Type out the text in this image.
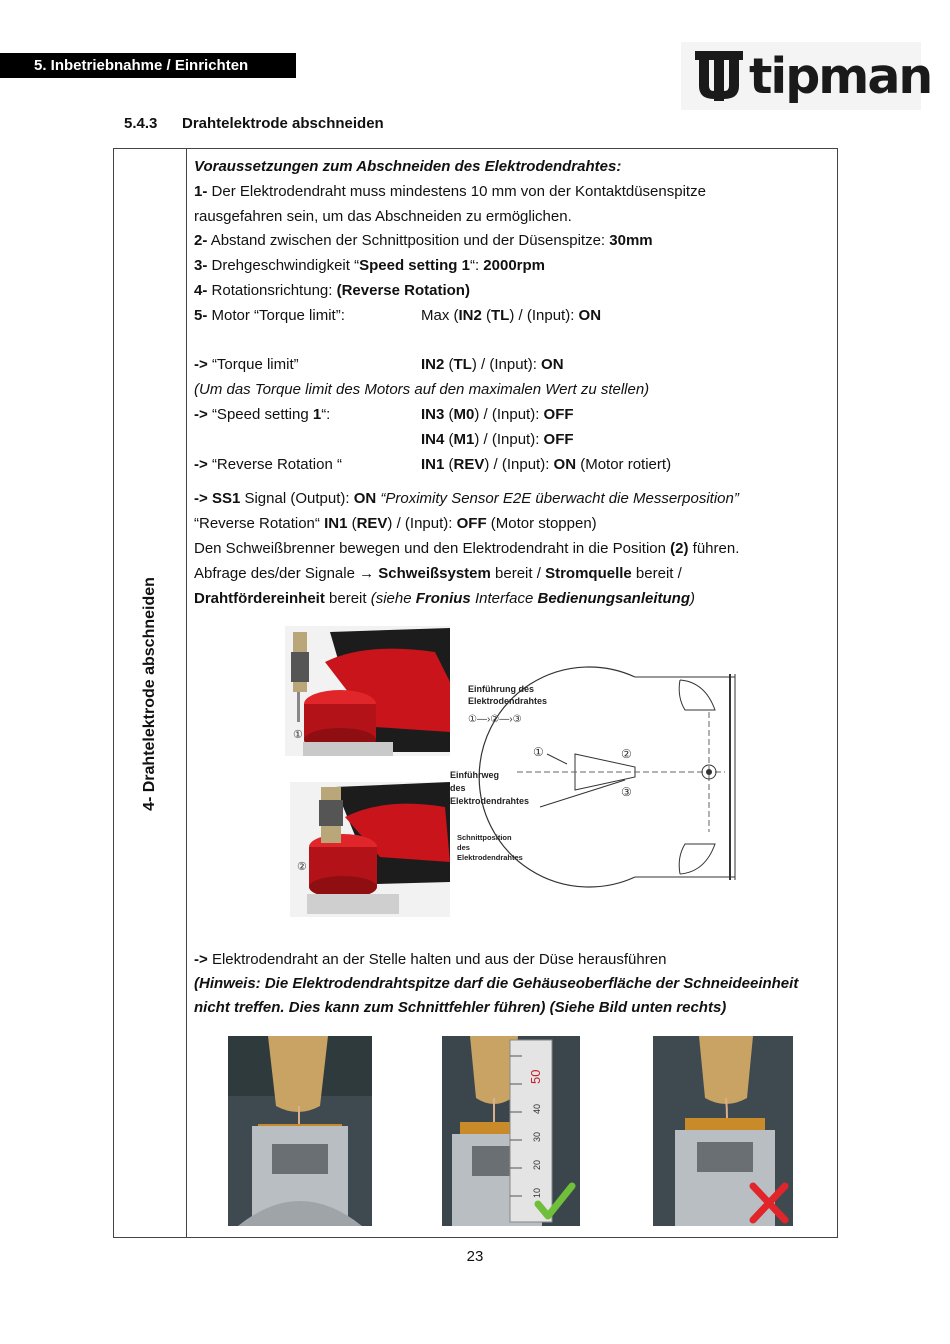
5. Inbetriebnahme / Einrichten	tipman
5.4.3 Drahtelektrode abschneiden
4- Drahtelektrode abschneiden
Voraussetzungen zum Abschneiden des Elektrodendrahtes:
1- Der Elektrodendraht muss mindestens 10 mm von der Kontaktdüsenspitze
rausgefahren sein, um das Abschneiden zu ermöglichen.
2- Abstand zwischen der Schnittposition und der Düsenspitze: 30mm
3- Drehgeschwindigkeit “Speed setting 1“: 2000rpm
4- Rotationsrichtung: (Reverse Rotation)
5- Motor “Torque limit”:	Max (IN2 (TL) / (Input): ON
-> “Torque limit”	IN2 (TL) / (Input): ON
(Um das Torque limit des Motors auf den maximalen Wert zu stellen)
-> “Speed setting 1“:	IN3 (M0) / (Input): OFF
IN4 (M1) / (Input): OFF
-> “Reverse Rotation “	IN1 (REV) / (Input): ON (Motor rotiert)
-> SS1 Signal (Output): ON “Proximity Sensor E2E überwacht die Messerposition”
“Reverse Rotation“ IN1 (REV) / (Input): OFF (Motor stoppen)
Den Schweißbrenner bewegen und den Elektrodendraht in die Position (2) führen.
Abfrage des/der Signale → Schweißsystem bereit / Stromquelle bereit /
Drahtfördereinheit bereit (siehe Fronius Interface Bedienungsanleitung)
①
②
①	②
③
Einführung des
Elektrodendrahtes
①—›②—›③
Einführweg
des
Elektrodendrahtes
Schnittposition
des
Elektrodendrahtes
-> Elektrodendraht an der Stelle halten und aus der Düse herausführen
(Hinweis: Die Elektrodendrahtspitze darf die Gehäuseoberfläche der Schneideeinheit
nicht treffen. Dies kann zum Schnittfehler führen) (Siehe Bild unten rechts)
50
40
30
20
10
23
